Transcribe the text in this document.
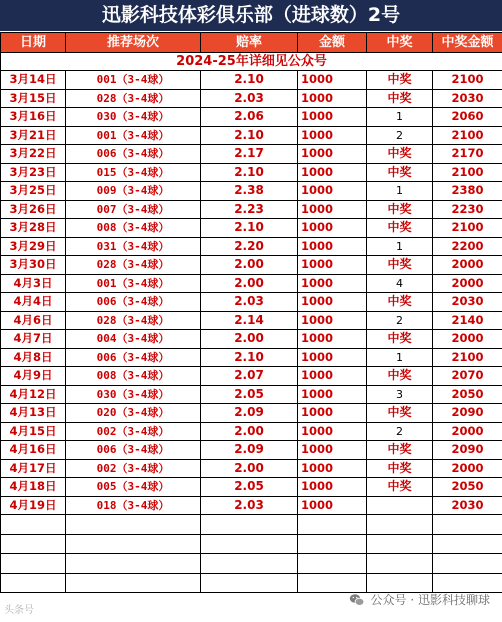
迅影科技体彩俱乐部（进球数）2号
日期	推荐场次	赔率	金额	中奖	中奖金额
2024-25年详细见公众号					
3月14日	001（3-4球）	2.10	1000	中奖	2100
3月15日	028（3-4球）	2.03	1000	中奖	2030
3月16日	030（3-4球）	2.06	1000	1	2060
3月21日	001（3-4球）	2.10	1000	2	2100
3月22日	006（3-4球）	2.17	1000	中奖	2170
3月23日	015（3-4球）	2.10	1000	中奖	2100
3月25日	009（3-4球）	2.38	1000	1	2380
3月26日	007（3-4球）	2.23	1000	中奖	2230
3月28日	008（3-4球）	2.10	1000	中奖	2100
3月29日	031（3-4球）	2.20	1000	1	2200
3月30日	028（3-4球）	2.00	1000	中奖	2000
4月3日	001（3-4球）	2.00	1000	4	2000
4月4日	006（3-4球）	2.03	1000	中奖	2030
4月6日	028（3-4球）	2.14	1000	2	2140
4月7日	004（3-4球）	2.00	1000	中奖	2000
4月8日	006（3-4球）	2.10	1000	1	2100
4月9日	008（3-4球）	2.07	1000	中奖	2070
4月12日	030（3-4球）	2.05	1000	3	2050
4月13日	020（3-4球）	2.09	1000	中奖	2090
4月15日	002（3-4球）	2.00	1000	2	2000
4月16日	006（3-4球）	2.09	1000	中奖	2090
4月17日	002（3-4球）	2.00	1000	中奖	2000
4月18日	005（3-4球）	2.05	1000	中奖	2050
4月19日	018（3-4球）	2.03	1000		2030

头条号
公众号 · 迅影科技聊球
